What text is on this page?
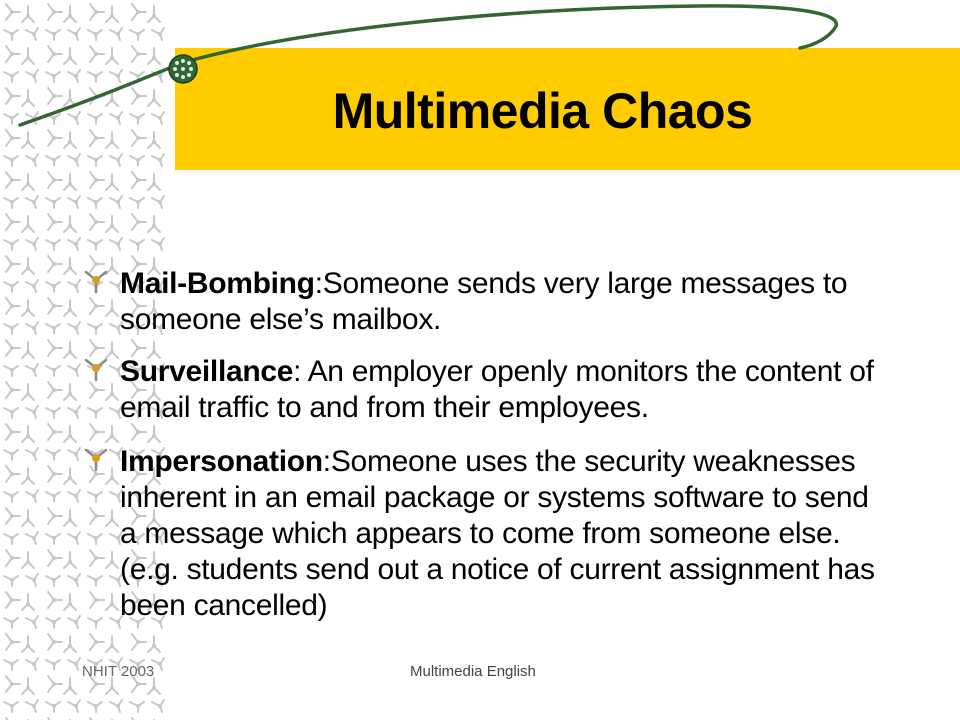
Multimedia Chaos
Mail-Bombing:Someone sends very large messages to someone else’s mailbox.
Surveillance: An employer openly monitors the content of email traffic to and from their employees.
Impersonation:Someone uses the security weaknesses inherent in an email package or systems software to send a message which appears to come from someone else. (e.g. students send out a notice of current assignment has been cancelled)
NHIT 2003	Multimedia English
